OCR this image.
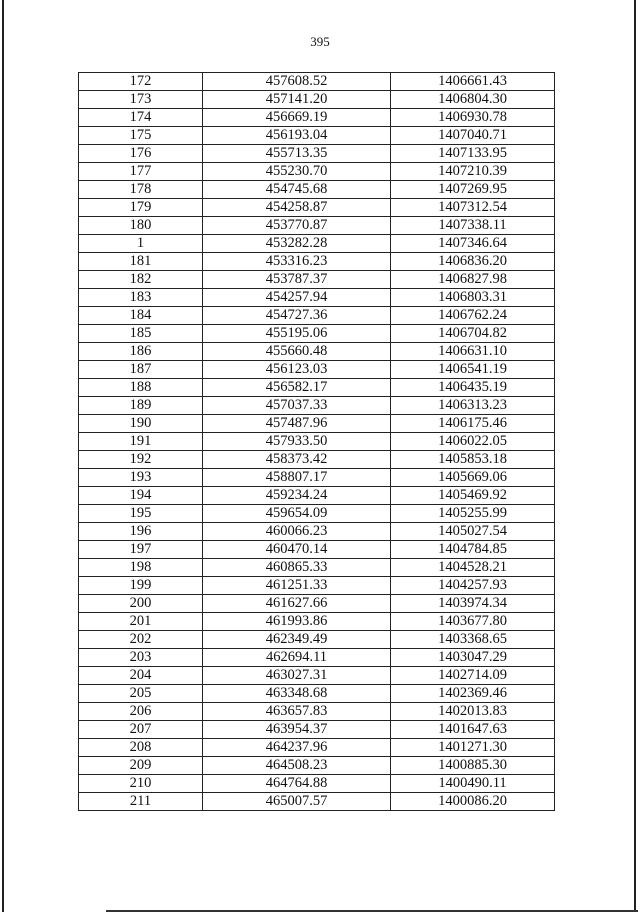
395
172	457608.52	1406661.43
173	457141.20	1406804.30
174	456669.19	1406930.78
175	456193.04	1407040.71
176	455713.35	1407133.95
177	455230.70	1407210.39
178	454745.68	1407269.95
179	454258.87	1407312.54
180	453770.87	1407338.11
1	453282.28	1407346.64
181	453316.23	1406836.20
182	453787.37	1406827.98
183	454257.94	1406803.31
184	454727.36	1406762.24
185	455195.06	1406704.82
186	455660.48	1406631.10
187	456123.03	1406541.19
188	456582.17	1406435.19
189	457037.33	1406313.23
190	457487.96	1406175.46
191	457933.50	1406022.05
192	458373.42	1405853.18
193	458807.17	1405669.06
194	459234.24	1405469.92
195	459654.09	1405255.99
196	460066.23	1405027.54
197	460470.14	1404784.85
198	460865.33	1404528.21
199	461251.33	1404257.93
200	461627.66	1403974.34
201	461993.86	1403677.80
202	462349.49	1403368.65
203	462694.11	1403047.29
204	463027.31	1402714.09
205	463348.68	1402369.46
206	463657.83	1402013.83
207	463954.37	1401647.63
208	464237.96	1401271.30
209	464508.23	1400885.30
210	464764.88	1400490.11
211	465007.57	1400086.20
